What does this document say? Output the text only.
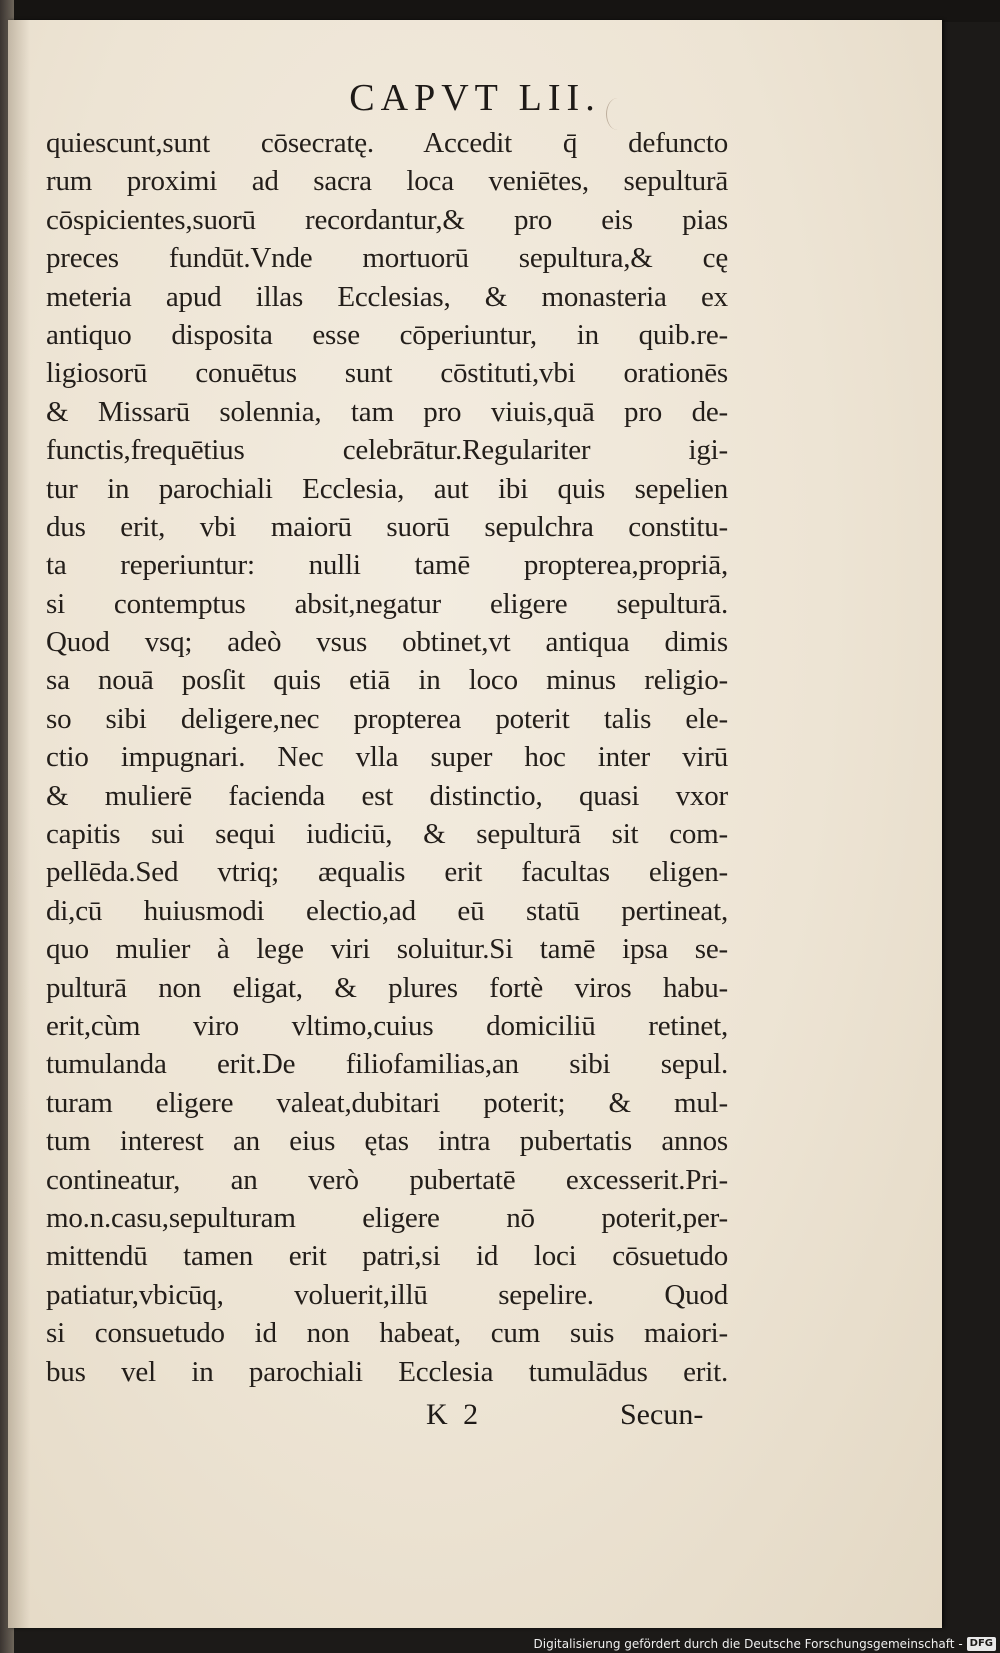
CAPVT LII.
quiescunt,sunt cōsecratę. Accedit q̄ defuncto
rum proximi ad sacra loca veniētes, sepulturā
cōspicientes,suorū recordantur,& pro eis pias
preces fundūt.Vnde mortuorū sepultura,& cę
meteria apud illas Ecclesias, & monasteria ex
antiquo disposita esse cōperiuntur, in quib.re-
ligiosorū conuētus sunt cōstituti,vbi orationēs
& Missarū solennia, tam pro viuis,quā pro de-
functis,frequētius celebrātur.Regulariter igi-
tur in parochiali Ecclesia, aut ibi quis sepelien
dus erit, vbi maiorū suorū sepulchra constitu-
ta reperiuntur: nulli tamē propterea,propriā,
si contemptus absit,negatur eligere sepulturā.
Quod vsq; adeò vsus obtinet,vt antiqua dimis
sa nouā posſit quis etiā in loco minus religio-
so sibi deligere,nec propterea poterit talis ele-
ctio impugnari. Nec vlla super hoc inter virū
& mulierē facienda est distinctio, quasi vxor
capitis sui sequi iudiciū, & sepulturā sit com-
pellēda.Sed vtriq; æqualis erit facultas eligen-
di,cū huiusmodi electio,ad eū statū pertineat,
quo mulier à lege viri soluitur.Si tamē ipsa se-
pulturā non eligat, & plures fortè viros habu-
erit,cùm viro vltimo,cuius domiciliū retinet,
tumulanda erit.De filiofamilias,an sibi sepul.
turam eligere valeat,dubitari poterit; & mul-
tum interest an eius ętas intra pubertatis annos
contineatur, an verò pubertatē excesserit.Pri-
mo.n.casu,sepulturam eligere nō poterit,per-
mittendū tamen erit patri,si id loci cōsuetudo
patiatur,vbicūq, voluerit,illū sepelire. Quod
si consuetudo id non habeat, cum suis maiori-
bus vel in parochiali Ecclesia tumulādus erit.
K 2	Secun-
Digitalisierung gefördert durch die Deutsche Forschungsgemeinschaft - DFG
